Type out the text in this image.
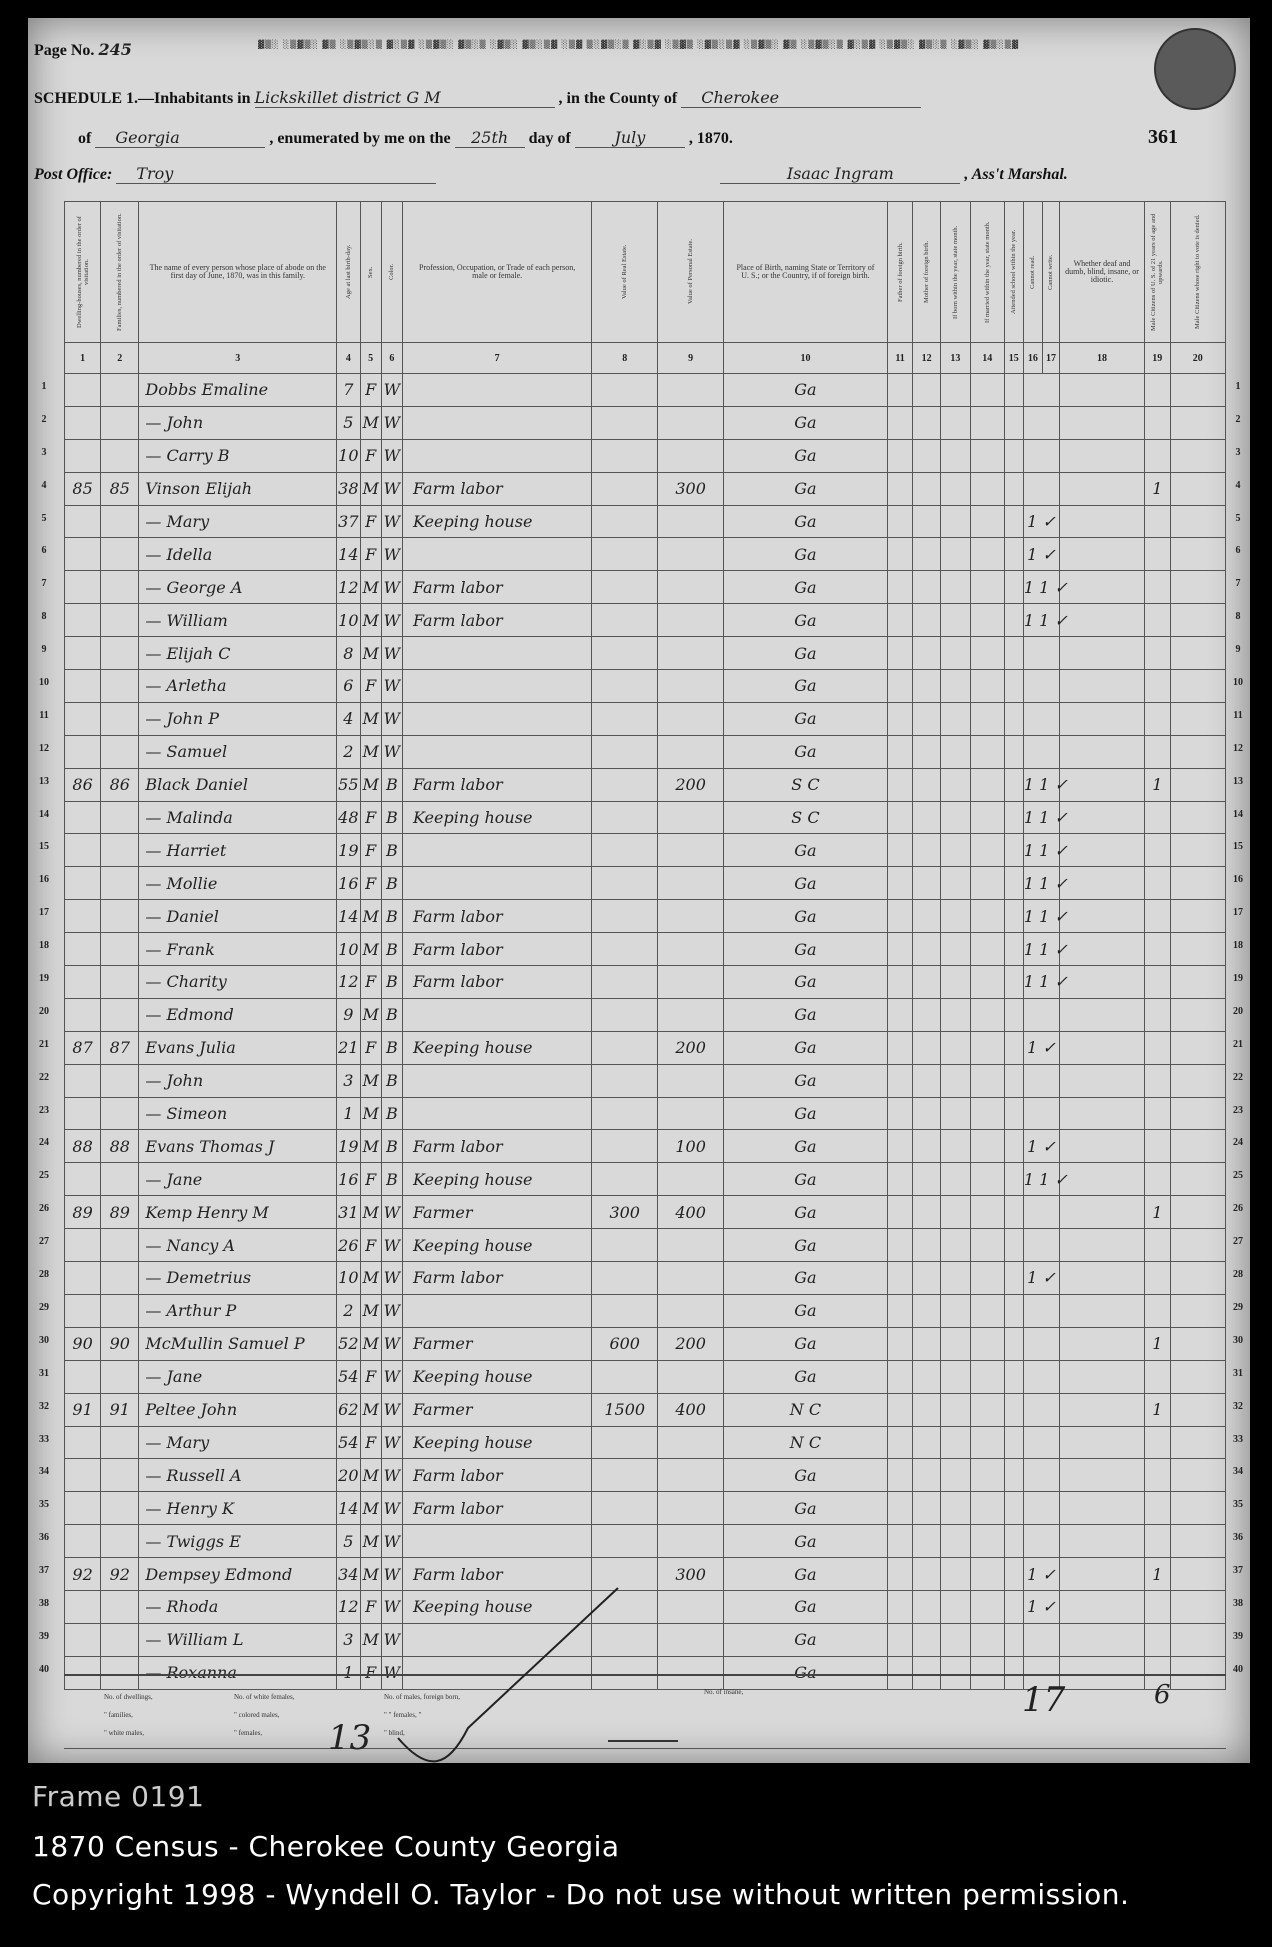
▓▒░ ░▒▓▒░ ▓▒ ░▒▓▒░▒ ▓░▒▓ ░▒▓▒░ ▓▒░▒ ░▓▒░ ▓▒░▒▓ ░▒▓ ▒░▓▒░▒ ▓░▒▓ ░▒▓▒ ░▓▒░▒▓ ░▒▓▒░ ▓▒ ░▒▓▒░▒ ▓░▒▓ ░▒▓▒░ ▓▒░▒ ░▓▒░ ▓▒░▒▓
Page No. 245
SCHEDULE 1.—Inhabitants in Lickskillet district G M	, in the County of Cherokee
of Georgia	, enumerated by me on the 25th day of	July	, 1870.	361
Post Office: Troy	Isaac Ingram	, Ass't Marshal.
Dwelling-houses, numbered in the order of visitation.	Families, numbered in the order of visitation.	The name of every person whose place of abode on the first day of June, 1870, was in this family.	Age at last birth-day.	Sex.	Color.	Profession, Occupation, or Trade of each person, male or female.	Value of Real Estate.	Value of Personal Estate.	Place of Birth, naming State or Territory of U. S.; or the Country, if of foreign birth.	Father of foreign birth.	Mother of foreign birth.	If born within the year, state month.	If married within the year, state month.	Attended school within the year.	Cannot read.	Cannot write.	Whether deaf and dumb, blind, insane, or idiotic.	Male Citizens of U. S. of 21 years of age and upwards.	Male Citizens whose right to vote is denied.

1	2	3	4	5	6	7	8	9	10	11	12	13	14	15	16	17	18	19	20
		Dobbs Emaline	7	F	W				Ga										
		— John	5	M	W				Ga										
		— Carry B	10	F	W				Ga										
85	85	Vinson Elijah	38	M	W	Farm labor		300	Ga									1	
		— Mary	37	F	W	Keeping house			Ga						1 ✓				
		— Idella	14	F	W				Ga						1 ✓				
		— George A	12	M	W	Farm labor			Ga						1 1 ✓				
		— William	10	M	W	Farm labor			Ga						1 1 ✓				
		— Elijah C	8	M	W				Ga										
		— Arletha	6	F	W				Ga										
		— John P	4	M	W				Ga										
		— Samuel	2	M	W				Ga										
86	86	Black Daniel	55	M	B	Farm labor		200	S C						1 1 ✓			1	
		— Malinda	48	F	B	Keeping house			S C						1 1 ✓				
		— Harriet	19	F	B				Ga						1 1 ✓				
		— Mollie	16	F	B				Ga						1 1 ✓				
		— Daniel	14	M	B	Farm labor			Ga						1 1 ✓				
		— Frank	10	M	B	Farm labor			Ga						1 1 ✓				
		— Charity	12	F	B	Farm labor			Ga						1 1 ✓				
		— Edmond	9	M	B				Ga										
87	87	Evans Julia	21	F	B	Keeping house		200	Ga						1 ✓				
		— John	3	M	B				Ga										
		— Simeon	1	M	B				Ga										
88	88	Evans Thomas J	19	M	B	Farm labor		100	Ga						1 ✓				
		— Jane	16	F	B	Keeping house			Ga						1 1 ✓				
89	89	Kemp Henry M	31	M	W	Farmer	300	400	Ga									1	
		— Nancy A	26	F	W	Keeping house			Ga										
		— Demetrius	10	M	W	Farm labor			Ga						1 ✓				
		— Arthur P	2	M	W				Ga										
90	90	McMullin Samuel P	52	M	W	Farmer	600	200	Ga									1	
		— Jane	54	F	W	Keeping house			Ga										
91	91	Peltee John	62	M	W	Farmer	1500	400	N C									1	
		— Mary	54	F	W	Keeping house			N C										
		— Russell A	20	M	W	Farm labor			Ga										
		— Henry K	14	M	W	Farm labor			Ga										
		— Twiggs E	5	M	W				Ga										
92	92	Dempsey Edmond	34	M	W	Farm labor		300	Ga						1 ✓			1	
		— Rhoda	12	F	W	Keeping house			Ga						1 ✓				
		— William L	3	M	W				Ga										
		— Roxanna	1	F	W				Ga										
1
2
3
4
5
6
7
8
9
10
11
12
13
14
15
16
17
18
19
20
21
22
23
24
25
26
27
28
29
30
31
32
33
34
35
36
37
38
39
40
1
2
3
4
5
6
7
8
9
10
11
12
13
14
15
16
17
18
19
20
21
22
23
24
25
26
27
28
29
30
31
32
33
34
35
36
37
38
39
40
No. of dwellings,
" families,
" white males,
No. of white females,
" colored males,
" females,
No. of males, foreign born,
" " females, "
" blind,
No. of insane,	17	6
13
Frame 0191
1870 Census - Cherokee County Georgia
Copyright 1998 - Wyndell O. Taylor - Do not use without written permission.
